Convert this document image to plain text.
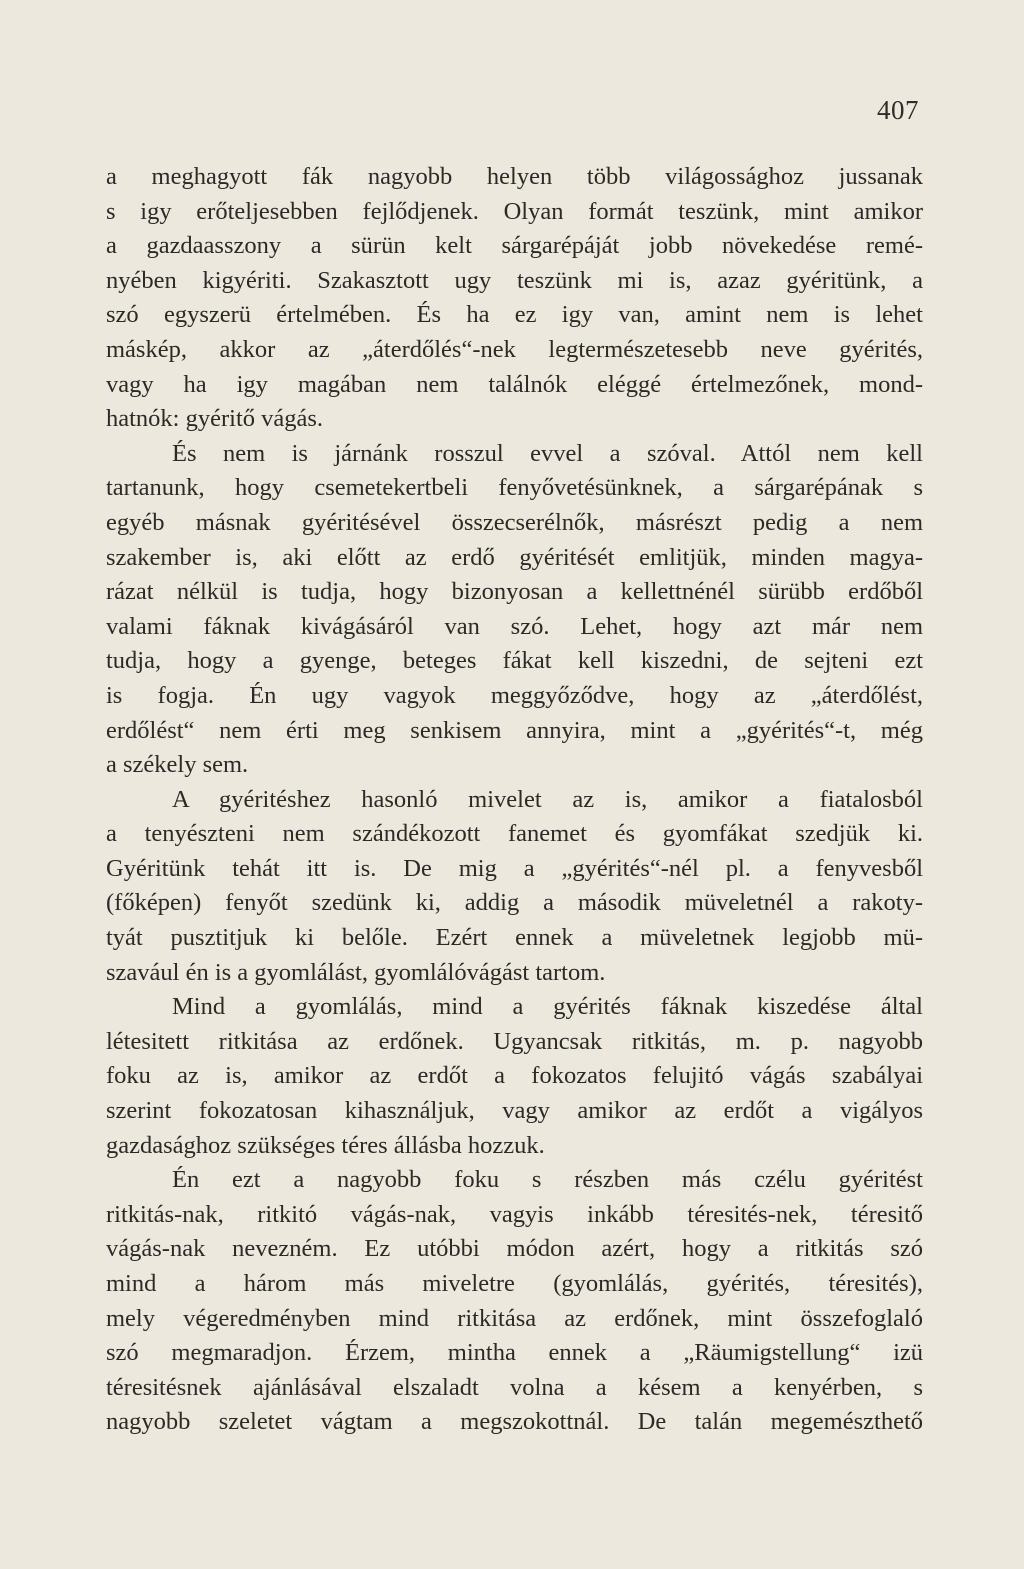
407
a meghagyott fák nagyobb helyen több világossághoz jussanak
s igy erőteljesebben fejlődjenek. Olyan formát teszünk, mint amikor
a gazdaasszony a sürün kelt sárgarépáját jobb növekedése remé-
nyében kigyériti. Szakasztott ugy teszünk mi is, azaz gyéritünk, a
szó egyszerü értelmében. És ha ez igy van, amint nem is lehet
máskép, akkor az „áterdőlés“-nek legtermészetesebb neve gyérités,
vagy ha igy magában nem találnók eléggé értelmezőnek, mond-
hatnók: gyéritő vágás.
És nem is járnánk rosszul evvel a szóval. Attól nem kell
tartanunk, hogy csemetekertbeli fenyővetésünknek, a sárgarépának s
egyéb másnak gyéritésével összecserélnők, másrészt pedig a nem
szakember is, aki előtt az erdő gyéritését emlitjük, minden magya-
rázat nélkül is tudja, hogy bizonyosan a kellettnénél sürübb erdőből
valami fáknak kivágásáról van szó. Lehet, hogy azt már nem
tudja, hogy a gyenge, beteges fákat kell kiszedni, de sejteni ezt
is fogja. Én ugy vagyok meggyőződve, hogy az „áterdőlést,
erdőlést“ nem érti meg senkisem annyira, mint a „gyérités“-t, még
a székely sem.
A gyéritéshez hasonló mivelet az is, amikor a fiatalosból
a tenyészteni nem szándékozott fanemet és gyomfákat szedjük ki.
Gyéritünk tehát itt is. De mig a „gyérités“-nél pl. a fenyvesből
(főképen) fenyőt szedünk ki, addig a második müveletnél a rakoty-
tyát pusztitjuk ki belőle. Ezért ennek a müveletnek legjobb mü-
szavául én is a gyomlálást, gyomlálóvágást tartom.
Mind a gyomlálás, mind a gyérités fáknak kiszedése által
létesitett ritkitása az erdőnek. Ugyancsak ritkitás, m. p. nagyobb
foku az is, amikor az erdőt a fokozatos felujitó vágás szabályai
szerint fokozatosan kihasználjuk, vagy amikor az erdőt a vigályos
gazdasághoz szükséges téres állásba hozzuk.
Én ezt a nagyobb foku s részben más czélu gyéritést
ritkitás-nak, ritkitó vágás-nak, vagyis inkább téresités-nek, téresitő
vágás-nak nevezném. Ez utóbbi módon azért, hogy a ritkitás szó
mind a három más miveletre (gyomlálás, gyérités, téresités),
mely végeredményben mind ritkitása az erdőnek, mint összefoglaló
szó megmaradjon. Érzem, mintha ennek a „Räumigstellung“ izü
téresitésnek ajánlásával elszaladt volna a késem a kenyérben, s
nagyobb szeletet vágtam a megszokottnál. De talán megemészthető
